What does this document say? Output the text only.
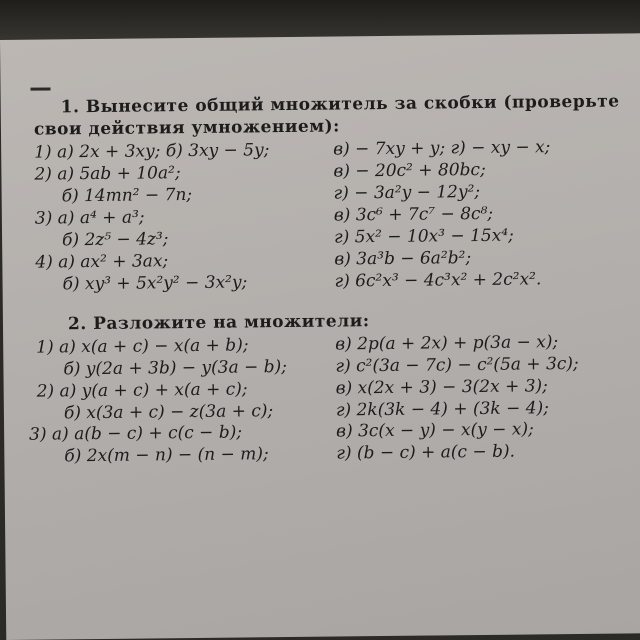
1. Вынесите общий множитель за скобки (проверьте
свои действия умножением):
1) а) 2x + 3xy; б) 3xy − 5y;
2) а) 5ab + 10a²;
б) 14mn² − 7n;
3) а) a⁴ + a³;
б) 2z⁵ − 4z³;
4) а) ax² + 3ax;
б) xy³ + 5x²y² − 3x²y;
в) − 7xy + y; г) − xy − x;
в) − 20c² + 80bc;
г) − 3a²y − 12y²;
в) 3c⁶ + 7c⁷ − 8c⁸;
г) 5x² − 10x³ − 15x⁴;
в) 3a³b − 6a²b²;
г) 6c²x³ − 4c³x² + 2c²x².
2. Разложите на множители:
1) а) x(a + c) − x(a + b);
б) y(2a + 3b) − y(3a − b);
2) а) y(a + c) + x(a + c);
б) x(3a + c) − z(3a + c);
3) а) a(b − c) + c(c − b);
б) 2x(m − n) − (n − m);
в) 2p(a + 2x) + p(3a − x);
г) c²(3a − 7c) − c²(5a + 3c);
в) x(2x + 3) − 3(2x + 3);
г) 2k(3k − 4) + (3k − 4);
в) 3c(x − y) − x(y − x);
г) (b − c) + a(c − b).
